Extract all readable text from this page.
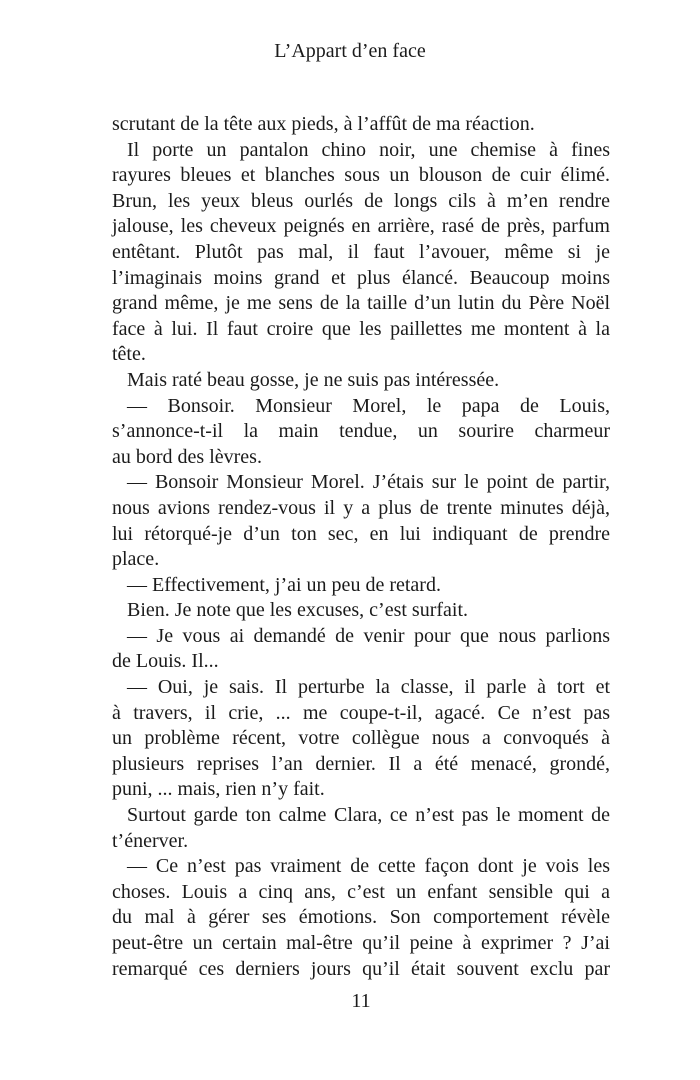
L’Appart d’en face
scrutant de la tête aux pieds, à l’affût de ma réaction.
Il porte un pantalon chino noir, une chemise à fines
rayures bleues et blanches sous un blouson de cuir élimé.
Brun, les yeux bleus ourlés de longs cils à m’en rendre
jalouse, les cheveux peignés en arrière, rasé de près, parfum
entêtant. Plutôt pas mal, il faut l’avouer, même si je
l’imaginais moins grand et plus élancé. Beaucoup moins
grand même, je me sens de la taille d’un lutin du Père Noël
face à lui. Il faut croire que les paillettes me montent à la
tête.
Mais raté beau gosse, je ne suis pas intéressée.
— Bonsoir. Monsieur Morel, le papa de Louis,
s’annonce-t-il la main tendue, un sourire charmeur
au bord des lèvres.
— Bonsoir Monsieur Morel. J’étais sur le point de partir,
nous avions rendez-vous il y a plus de trente minutes déjà,
lui rétorqué-je d’un ton sec, en lui indiquant de prendre
place.
— Effectivement, j’ai un peu de retard.
Bien. Je note que les excuses, c’est surfait.
— Je vous ai demandé de venir pour que nous parlions
de Louis. Il...
— Oui, je sais. Il perturbe la classe, il parle à tort et
à travers, il crie, ... me coupe-t-il, agacé. Ce n’est pas
un problème récent, votre collègue nous a convoqués à
plusieurs reprises l’an dernier. Il a été menacé, grondé,
puni, ... mais, rien n’y fait.
Surtout garde ton calme Clara, ce n’est pas le moment de
t’énerver.
— Ce n’est pas vraiment de cette façon dont je vois les
choses. Louis a cinq ans, c’est un enfant sensible qui a
du mal à gérer ses émotions. Son comportement révèle
peut-être un certain mal-être qu’il peine à exprimer ? J’ai
remarqué ces derniers jours qu’il était souvent exclu par
11
